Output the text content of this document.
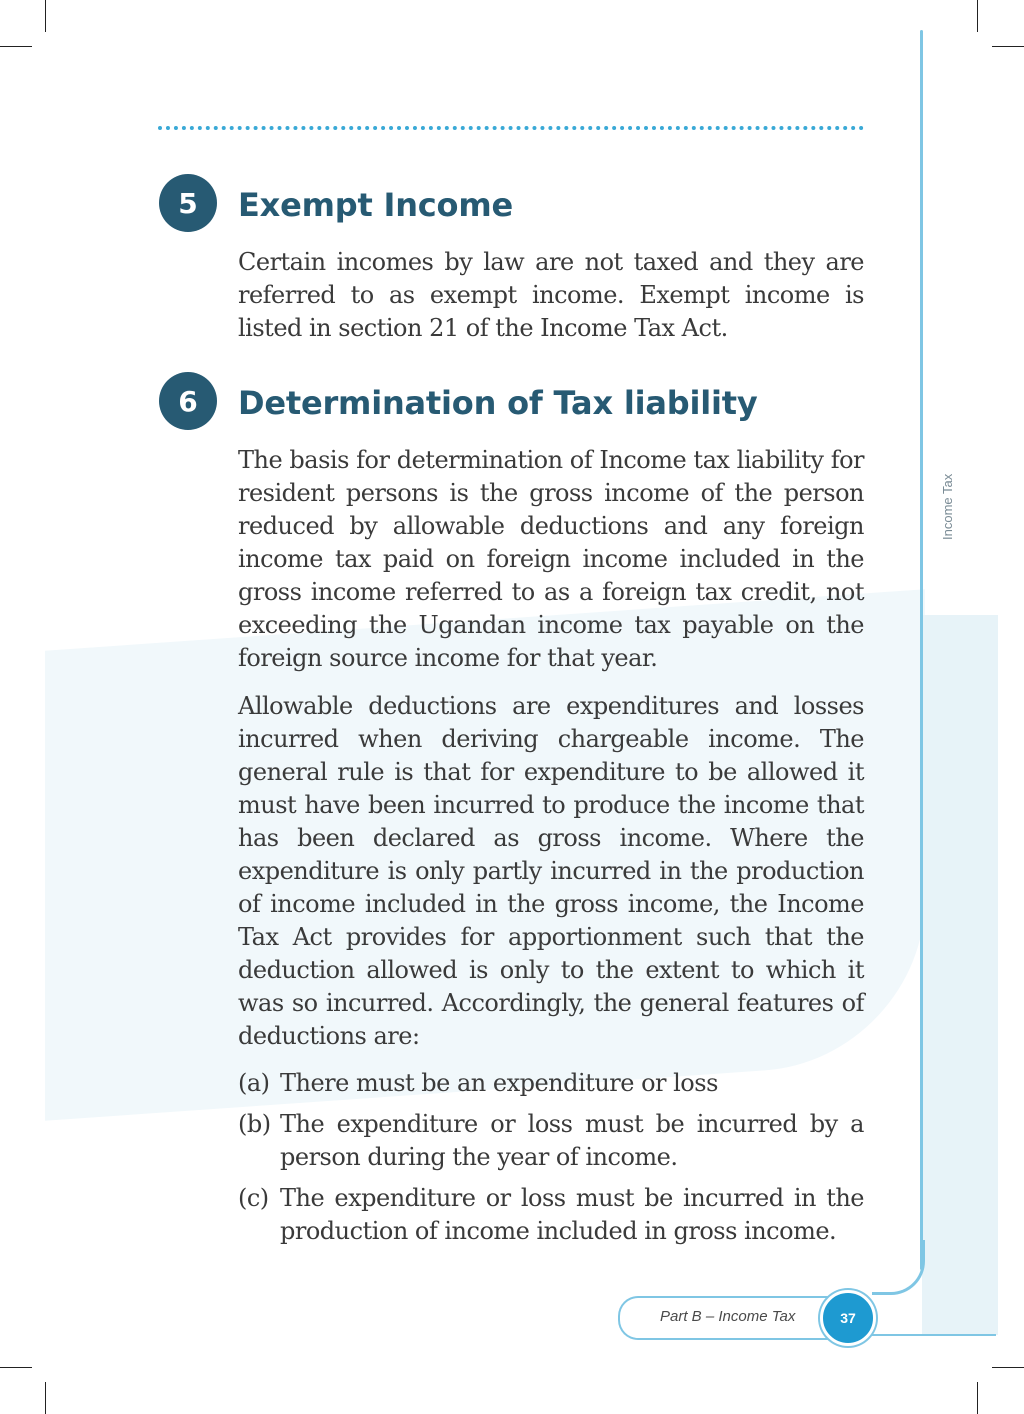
Income Tax
5	Exempt Income

Certain incomes by law are not taxed and they are referred to as exempt income. Exempt income is listed in section 21 of the Income Tax Act.

6	Determination of Tax liability

The basis for determination of Income tax liability for resident persons is the gross income of the person reduced by allowable deductions and any foreign income tax paid on foreign income included in the gross income referred to as a foreign tax credit, not exceeding the Ugandan income tax payable on the foreign source income for that year.

Allowable deductions are expenditures and losses incurred when deriving chargeable income. The general rule is that for expenditure to be allowed it must have been incurred to produce the income that has been declared as gross income. Where the expenditure is only partly incurred in the production of income included in the gross income, the Income Tax Act provides for apportionment such that the deduction allowed is only to the extent to which it was so incurred. Accordingly, the general features of deductions are:

(a) There must be an expenditure or loss
(b) The expenditure or loss must be incurred by a person during the year of income.
(c) The expenditure or loss must be incurred in the production of income included in gross income.
Part B – Income Tax	37
